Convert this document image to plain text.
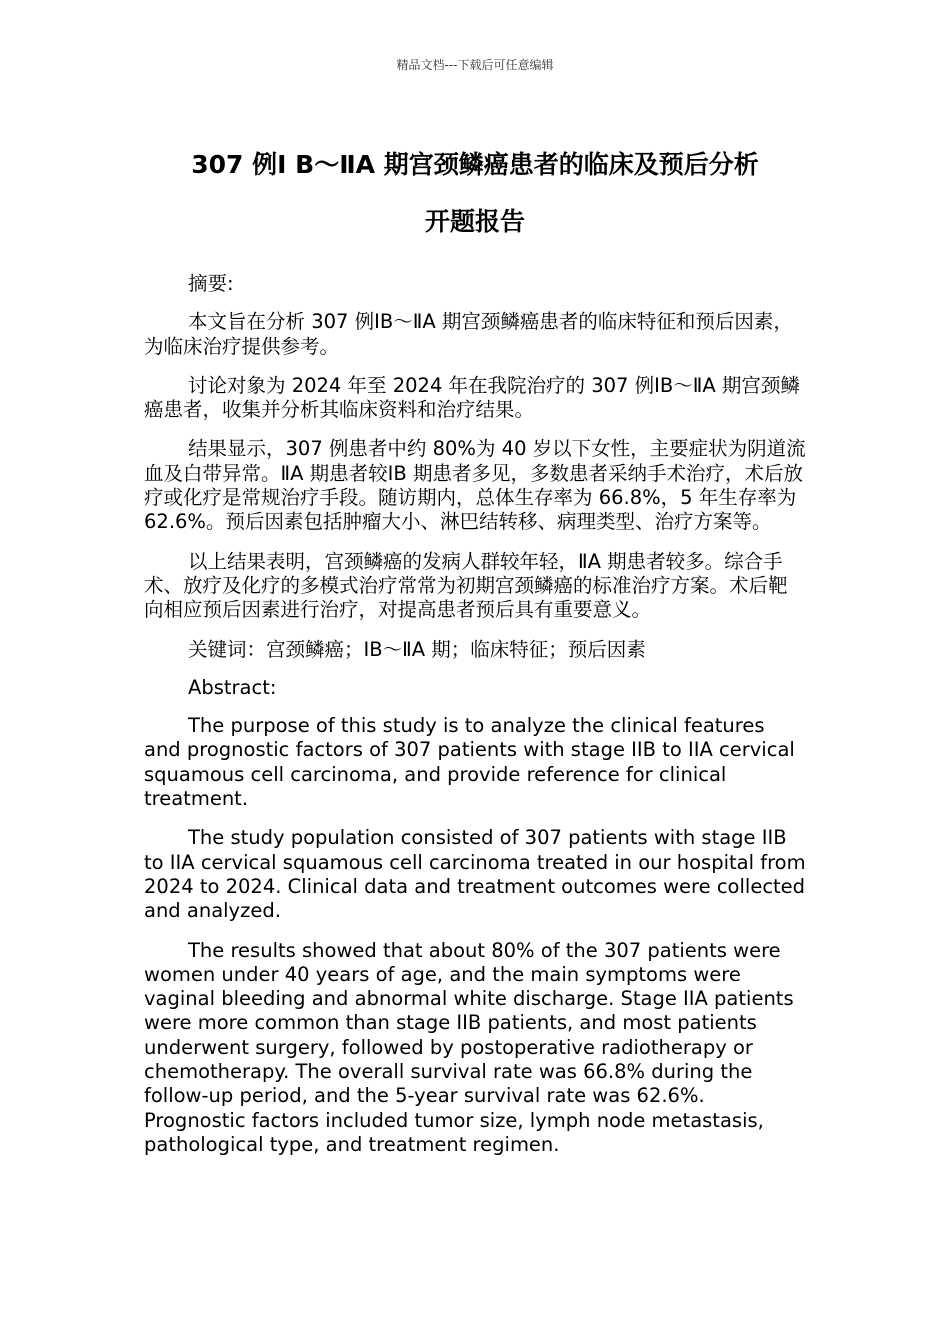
精品文档---下载后可任意编辑
307 例Ⅰ B～ⅡA 期宫颈鳞癌患者的临床及预后分析
开题报告

摘要:

本文旨在分析 307 例ⅠB～ⅡA 期宫颈鳞癌患者的临床特征和预后因素，为临床治疗提供参考。

讨论对象为 2024 年至 2024 年在我院治疗的 307 例ⅠB～ⅡA 期宫颈鳞癌患者，收集并分析其临床资料和治疗结果。

结果显示，307 例患者中约 80%为 40 岁以下女性，主要症状为阴道流血及白带异常。ⅡA 期患者较ⅠB 期患者多见，多数患者采纳手术治疗，术后放疗或化疗是常规治疗手段。随访期内，总体生存率为 66.8%，5 年生存率为 62.6%。预后因素包括肿瘤大小、淋巴结转移、病理类型、治疗方案等。

以上结果表明，宫颈鳞癌的发病人群较年轻，ⅡA 期患者较多。综合手术、放疗及化疗的多模式治疗常常为初期宫颈鳞癌的标准治疗方案。术后靶向相应预后因素进行治疗，对提高患者预后具有重要意义。

关键词：宫颈鳞癌；ⅠB～ⅡA 期；临床特征；预后因素

Abstract:

The purpose of this study is to analyze the clinical features and prognostic factors of 307 patients with stage IIB to IIA cervical squamous cell carcinoma, and provide reference for clinical treatment.

The study population consisted of 307 patients with stage IIB to IIA cervical squamous cell carcinoma treated in our hospital from 2024 to 2024. Clinical data and treatment outcomes were collected and analyzed.

The results showed that about 80% of the 307 patients were women under 40 years of age, and the main symptoms were vaginal bleeding and abnormal white discharge. Stage IIA patients were more common than stage IIB patients, and most patients underwent surgery, followed by postoperative radiotherapy or chemotherapy. The overall survival rate was 66.8% during the follow-up period, and the 5-year survival rate was 62.6%. Prognostic factors included tumor size, lymph node metastasis, pathological type, and treatment regimen.
